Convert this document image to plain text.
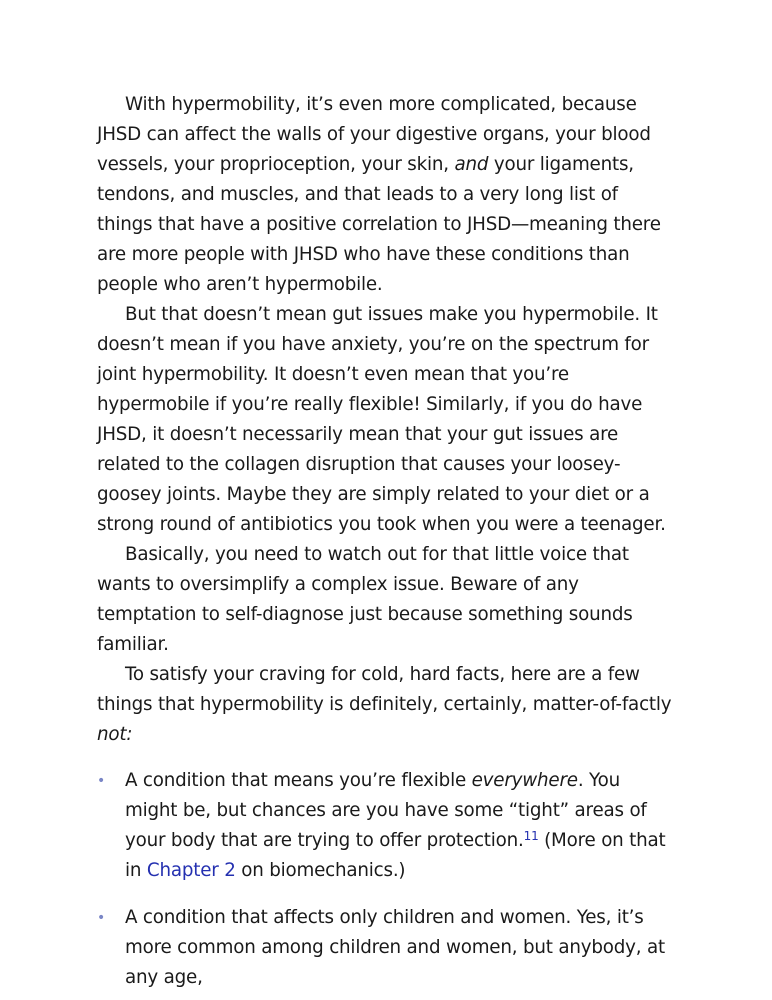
With hypermobility, it’s even more complicated, because JHSD can affect the walls of your digestive organs, your blood vessels, your proprioception, your skin, and your ligaments, tendons, and muscles, and that leads to a very long list of things that have a positive correlation to JHSD—meaning there are more people with JHSD who have these conditions than people who aren’t hypermobile.

But that doesn’t mean gut issues make you hypermobile. It doesn’t mean if you have anxiety, you’re on the spectrum for joint hypermobility. It doesn’t even mean that you’re hypermobile if you’re really flexible! Similarly, if you do have JHSD, it doesn’t necessarily mean that your gut issues are related to the collagen disruption that causes your loosey-goosey joints. Maybe they are simply related to your diet or a strong round of antibiotics you took when you were a teenager.

Basically, you need to watch out for that little voice that wants to oversimplify a complex issue. Beware of any temptation to self-diagnose just because something sounds familiar.

To satisfy your craving for cold, hard facts, here are a few things that hypermobility is definitely, certainly, matter-of-factly not:

• A condition that means you’re flexible everywhere. You might be, but chances are you have some “tight” areas of your body that are trying to offer protection.$^{11}$ (More on that in Chapter 2 on biomechanics.)
• A condition that affects only children and women. Yes, it’s more common among children and women, but anybody, at any age,
